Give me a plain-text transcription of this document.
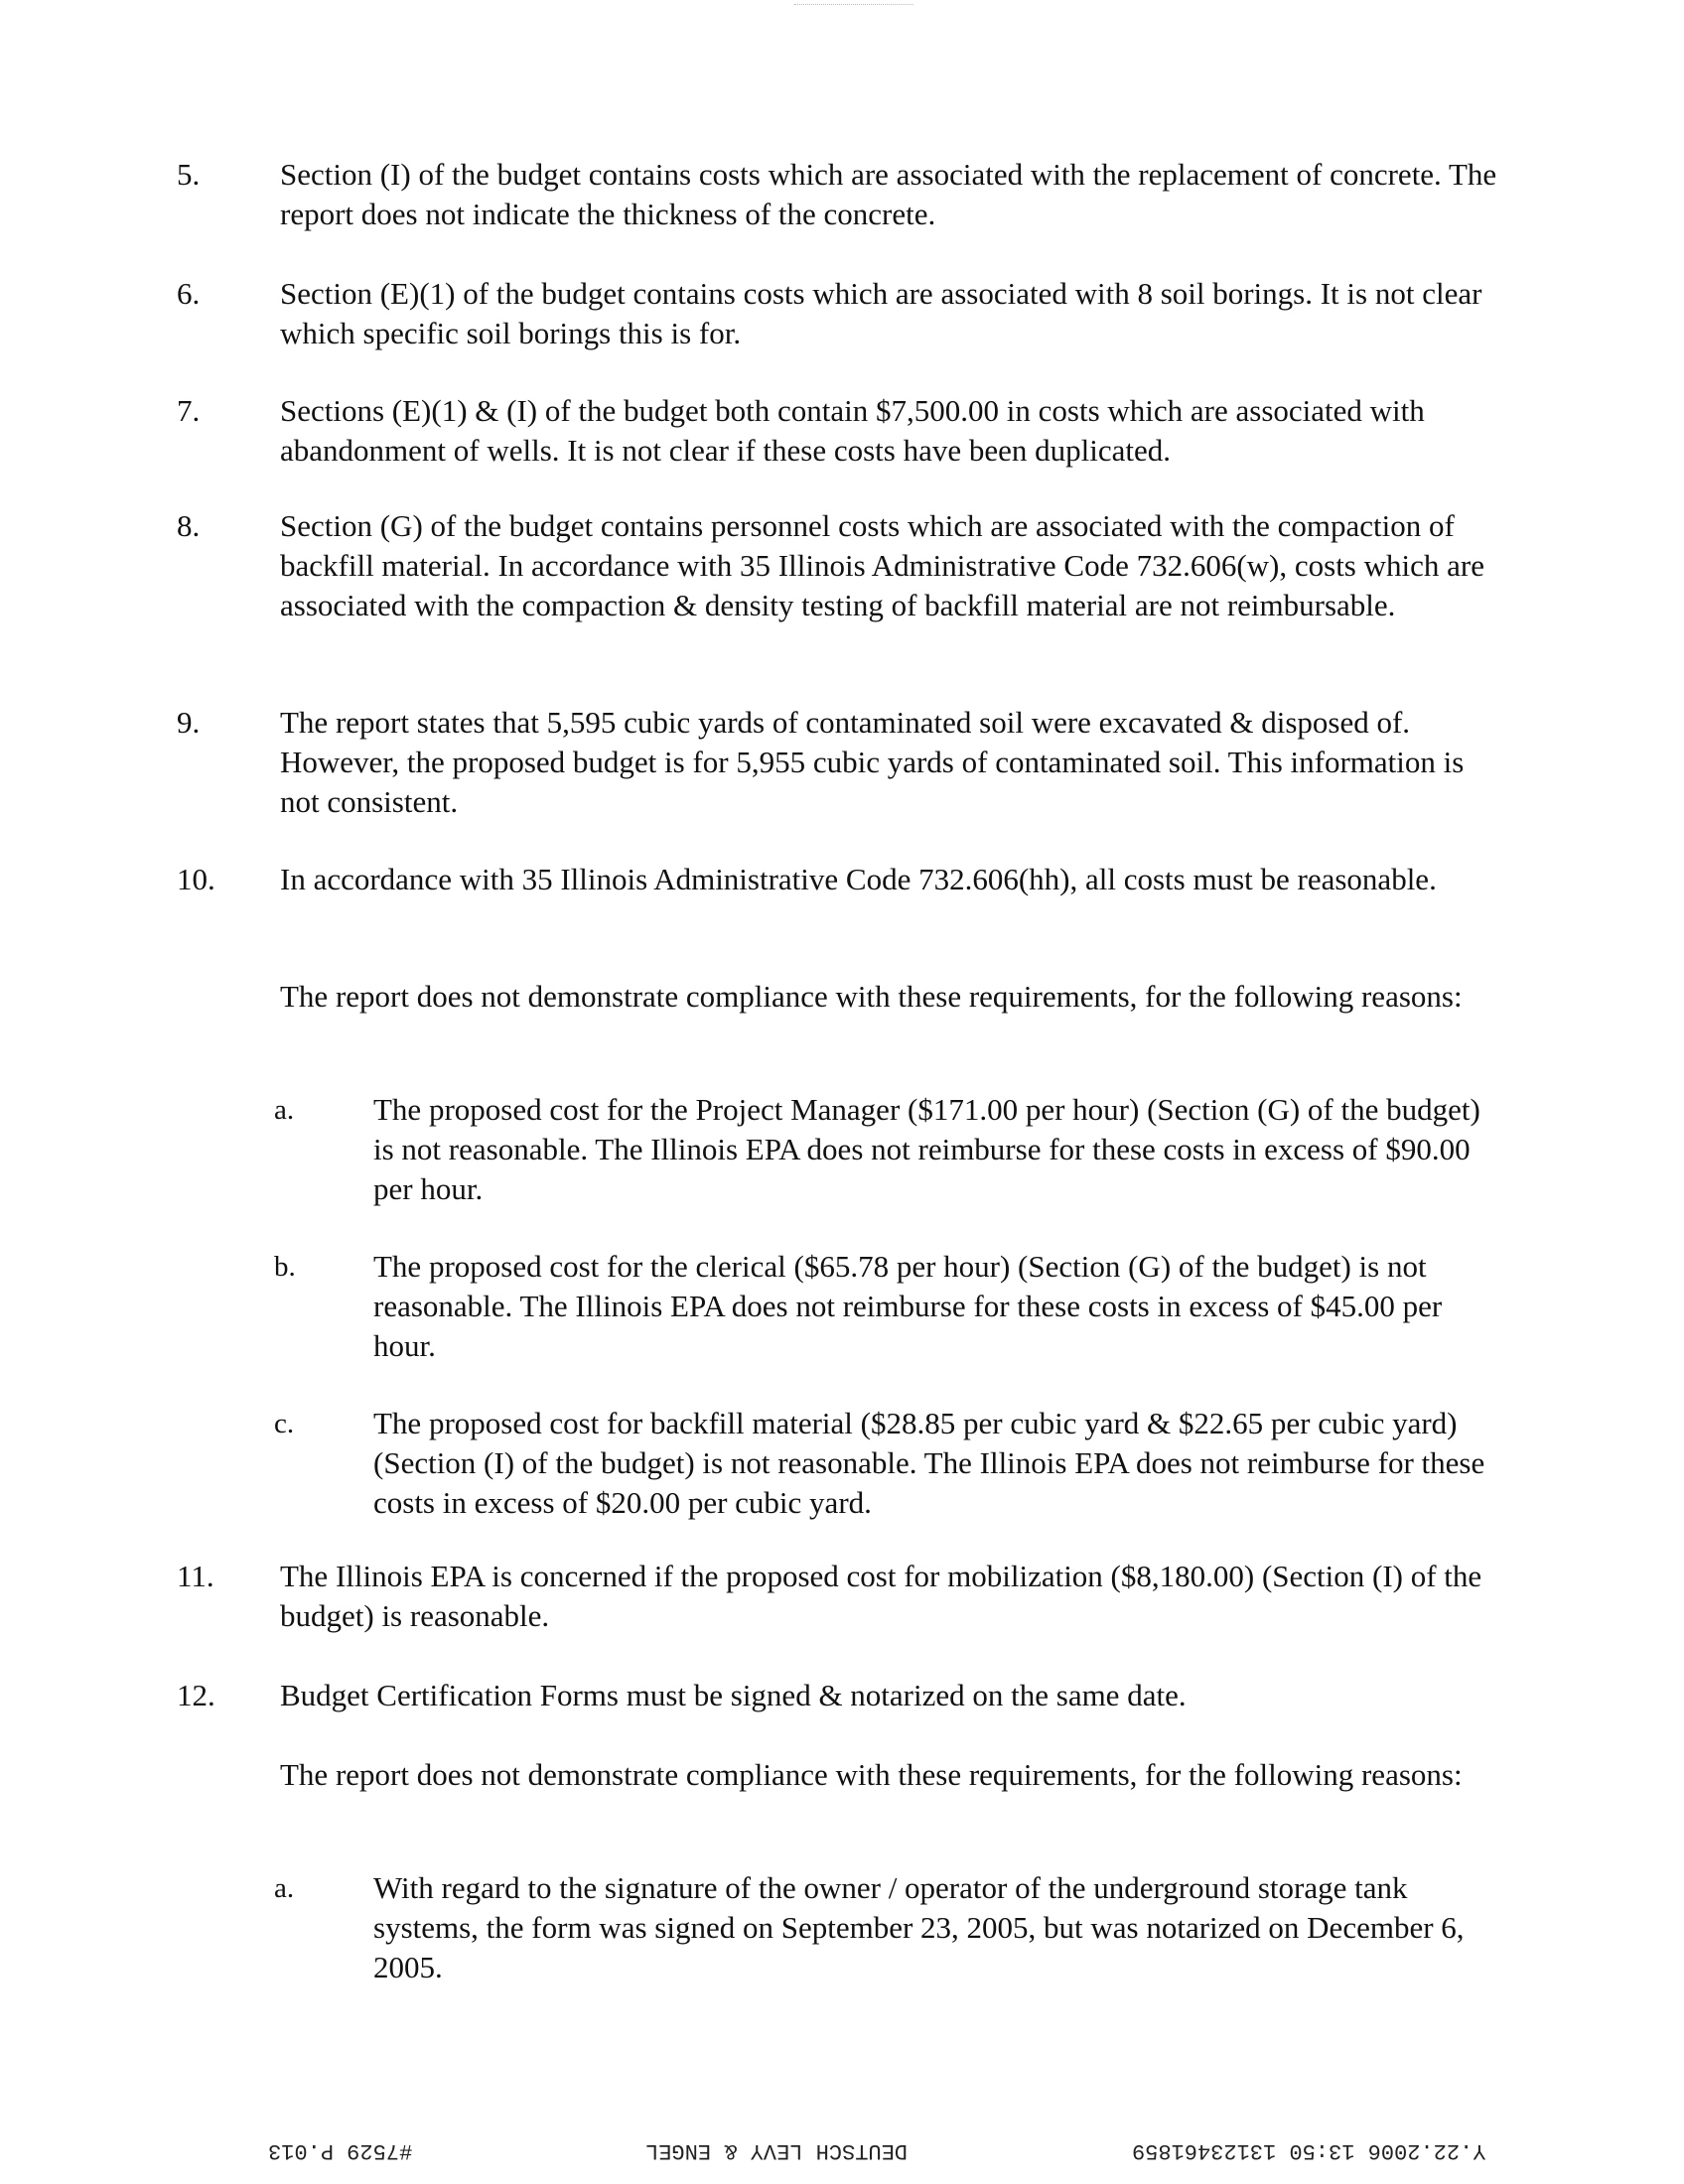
5.	Section (I) of the budget contains costs which are associated with the replacement of concrete. The report does not indicate the thickness of the concrete.
6.	Section (E)(1) of the budget contains costs which are associated with 8 soil borings. It is not clear which specific soil borings this is for.
7.	Sections (E)(1) & (I) of the budget both contain $7,500.00 in costs which are associated with abandonment of wells. It is not clear if these costs have been duplicated.
8.	Section (G) of the budget contains personnel costs which are associated with the compaction of backfill material. In accordance with 35 Illinois Administrative Code 732.606(w), costs which are associated with the compaction & density testing of backfill material are not reimbursable.
9.	The report states that 5,595 cubic yards of contaminated soil were excavated & disposed of. However, the proposed budget is for 5,955 cubic yards of contaminated soil. This information is not consistent.
10. In accordance with 35 Illinois Administrative Code 732.606(hh), all costs must be reasonable.
The report does not demonstrate compliance with these requirements, for the following reasons:
a.	The proposed cost for the Project Manager ($171.00 per hour) (Section (G) of the budget) is not reasonable. The Illinois EPA does not reimburse for these costs in excess of $90.00 per hour.
b.	The proposed cost for the clerical ($65.78 per hour) (Section (G) of the budget) is not reasonable. The Illinois EPA does not reimburse for these costs in excess of $45.00 per hour.
c.	The proposed cost for backfill material ($28.85 per cubic yard & $22.65 per cubic yard) (Section (I) of the budget) is not reasonable. The Illinois EPA does not reimburse for these costs in excess of $20.00 per cubic yard.
11. The Illinois EPA is concerned if the proposed cost for mobilization ($8,180.00) (Section (I) of the budget) is reasonable.
12. Budget Certification Forms must be signed & notarized on the same date.
The report does not demonstrate compliance with these requirements, for the following reasons:
a.	With regard to the signature of the owner / operator of the underground storage tank systems, the form was signed on September 23, 2005, but was notarized on December 6, 2005.
#7529 P.013	DEUTSCH LEVY & ENGEL	Y.22.2006 13:50 13123461859
